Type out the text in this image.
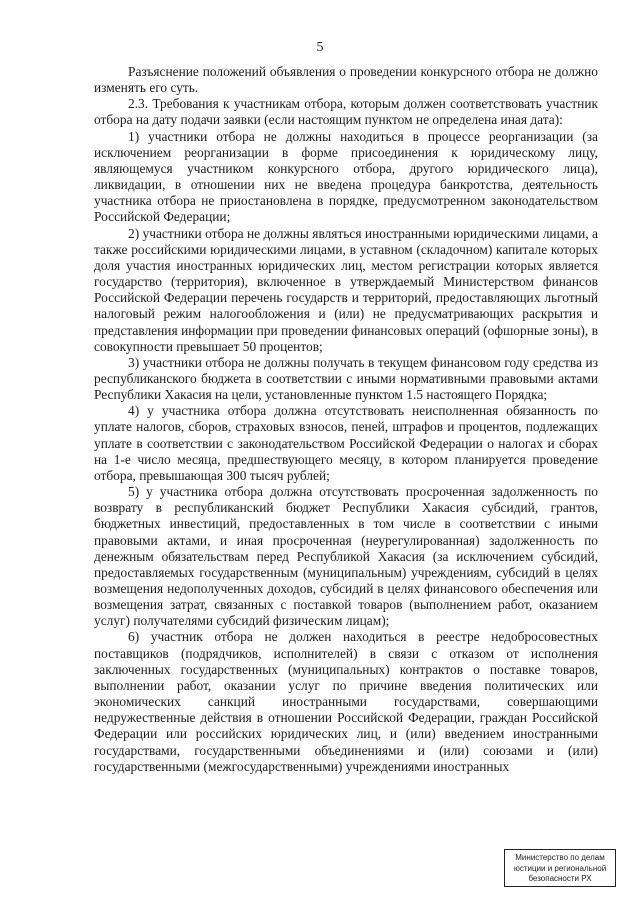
5

Разъяснение положений объявления о проведении конкурсного отбора не должно изменять его суть.

2.3. Требования к участникам отбора, которым должен соответствовать участник отбора на дату подачи заявки (если настоящим пунктом не определена иная дата):

1) участники отбора не должны находиться в процессе реорганизации (за исключением реорганизации в форме присоединения к юридическому лицу, являющемуся участником конкурсного отбора, другого юридического лица), ликвидации, в отношении них не введена процедура банкротства, деятельность участника отбора не приостановлена в порядке, предусмотренном законодательством Российской Федерации;

2) участники отбора не должны являться иностранными юридическими лицами, а также российскими юридическими лицами, в уставном (складочном) капитале которых доля участия иностранных юридических лиц, местом регистрации которых является государство (территория), включенное в утверждаемый Министерством финансов Российской Федерации перечень государств и территорий, предоставляющих льготный налоговый режим налогообложения и (или) не предусматривающих раскрытия и представления информации при проведении финансовых операций (офшорные зоны), в совокупности превышает 50 процентов;

3) участники отбора не должны получать в текущем финансовом году средства из республиканского бюджета в соответствии с иными нормативными правовыми актами Республики Хакасия на цели, установленные пунктом 1.5 настоящего Порядка;

4) у участника отбора должна отсутствовать неисполненная обязанность по уплате налогов, сборов, страховых взносов, пеней, штрафов и процентов, подлежащих уплате в соответствии с законодательством Российской Федерации о налогах и сборах на 1-е число месяца, предшествующего месяцу, в котором планируется проведение отбора, превышающая 300 тысяч рублей;

5) у участника отбора должна отсутствовать просроченная задолженность по возврату в республиканский бюджет Республики Хакасия субсидий, грантов, бюджетных инвестиций, предоставленных в том числе в соответствии с иными правовыми актами, и иная просроченная (неурегулированная) задолженность по денежным обязательствам перед Республикой Хакасия (за исключением субсидий, предоставляемых государственным (муниципальным) учреждениям, субсидий в целях возмещения недополученных доходов, субсидий в целях финансового обеспечения или возмещения затрат, связанных с поставкой товаров (выполнением работ, оказанием услуг) получателями субсидий физическим лицам);

6) участник отбора не должен находиться в реестре недобросовестных поставщиков (подрядчиков, исполнителей) в связи с отказом от исполнения заключенных государственных (муниципальных) контрактов о поставке товаров, выполнении работ, оказании услуг по причине введения политических или экономических санкций иностранными государствами, совершающими недружественные действия в отношении Российской Федерации, граждан Российской Федерации или российских юридических лиц, и (или) введением иностранными государствами, государственными объединениями и (или) союзами и (или) государственными (межгосударственными) учреждениями иностранных

Министерство по делам
юстиции и региональной
безопасности РХ
